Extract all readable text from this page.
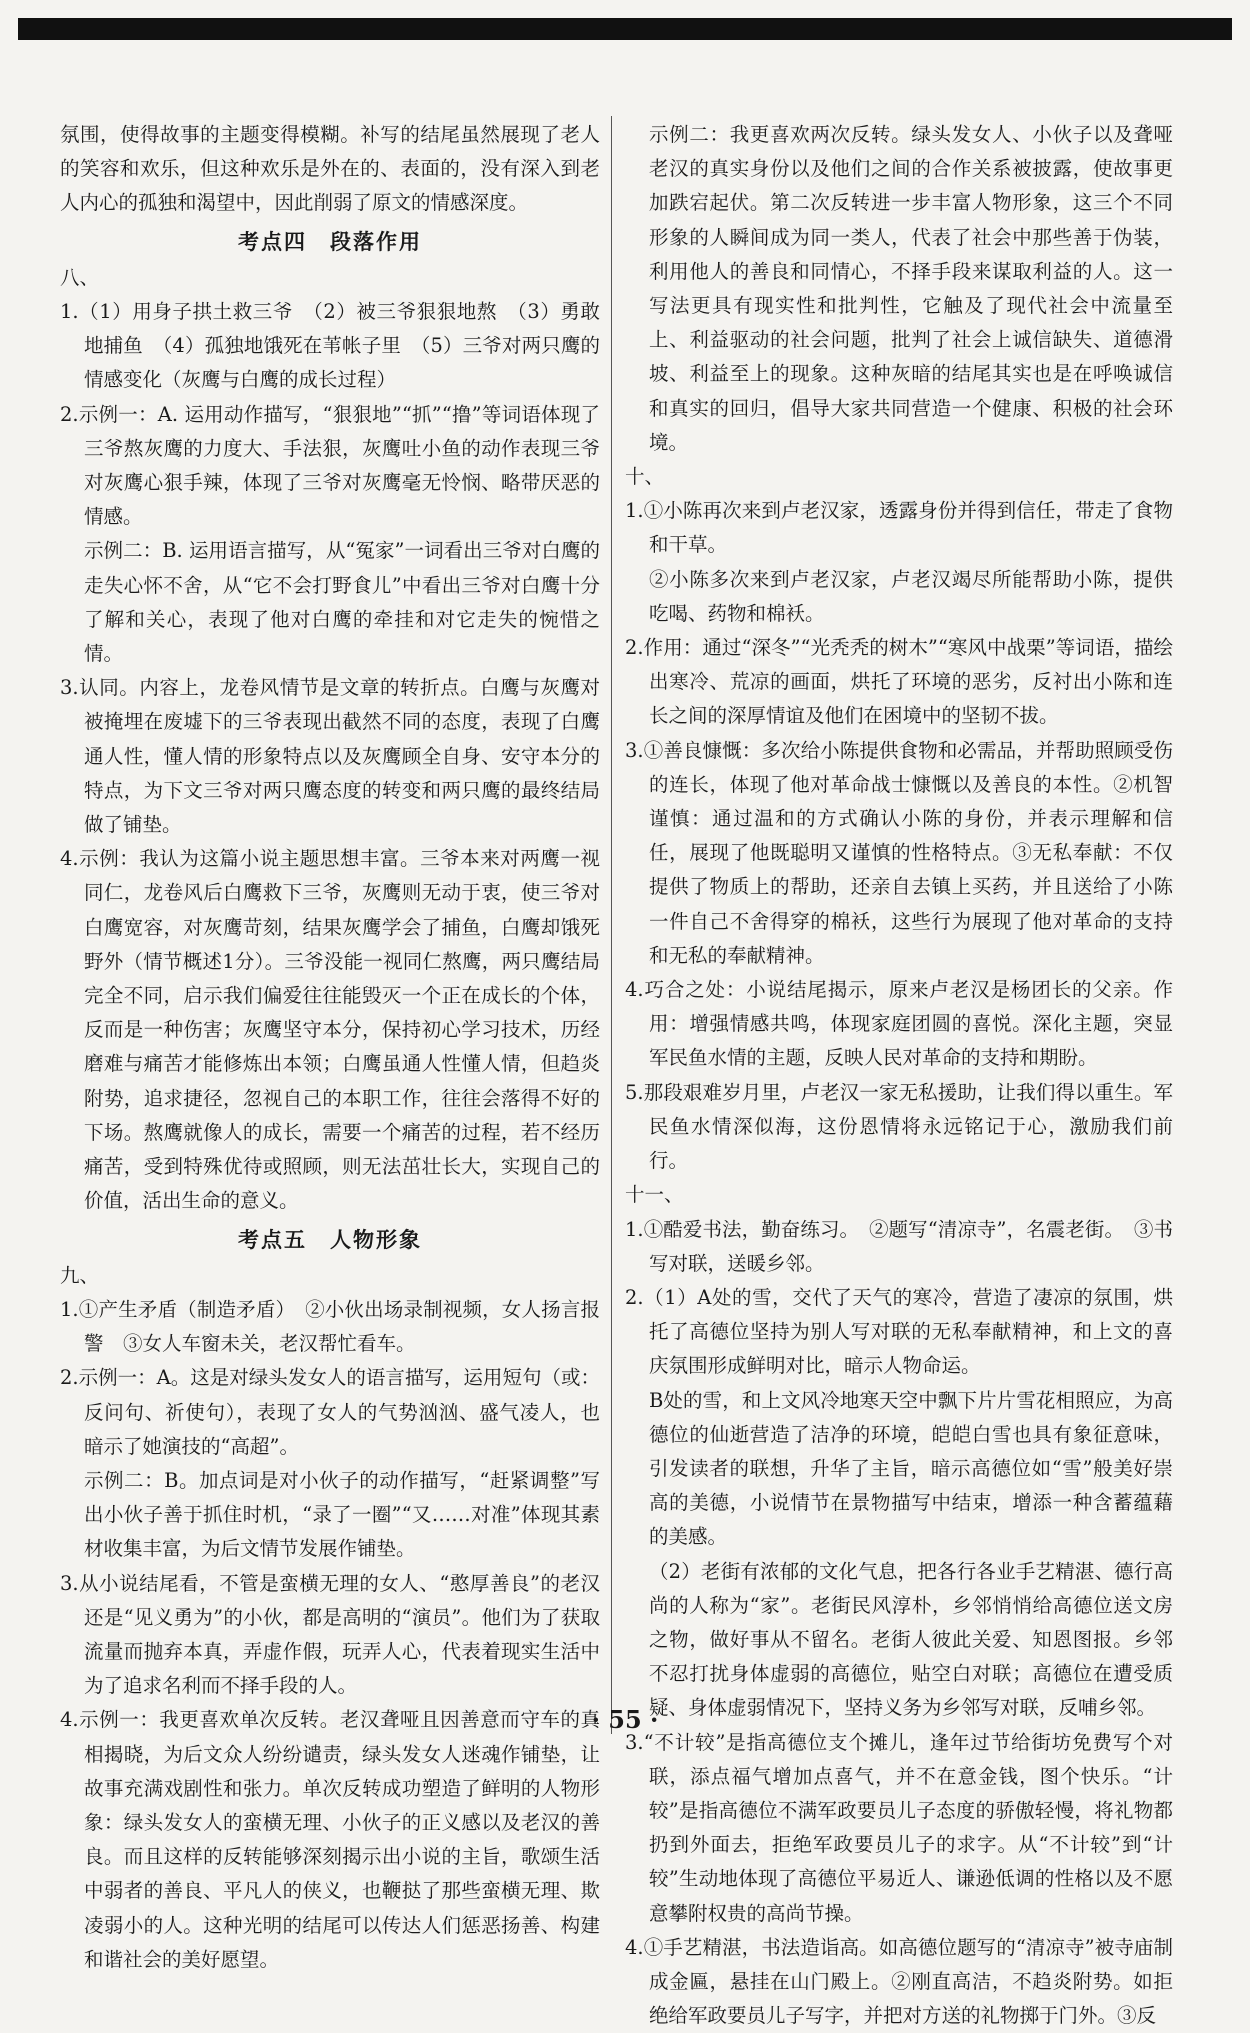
氛围，使得故事的主题变得模糊。补写的结尾虽然展现了老人的笑容和欢乐，但这种欢乐是外在的、表面的，没有深入到老人内心的孤独和渴望中，因此削弱了原文的情感深度。

考点四　段落作用

八、

1.（1）用身子拱土救三爷　（2）被三爷狠狠地熬　（3）勇敢地捕鱼　（4）孤独地饿死在苇帐子里　（5）三爷对两只鹰的情感变化（灰鹰与白鹰的成长过程）

2.示例一：A. 运用动作描写，“狠狠地”“抓”“撸”等词语体现了三爷熬灰鹰的力度大、手法狠，灰鹰吐小鱼的动作表现三爷对灰鹰心狠手辣，体现了三爷对灰鹰毫无怜悯、略带厌恶的情感。

示例二：B. 运用语言描写，从“冤家”一词看出三爷对白鹰的走失心怀不舍，从“它不会打野食儿”中看出三爷对白鹰十分了解和关心，表现了他对白鹰的牵挂和对它走失的惋惜之情。

3.认同。内容上，龙卷风情节是文章的转折点。白鹰与灰鹰对被掩埋在废墟下的三爷表现出截然不同的态度，表现了白鹰通人性，懂人情的形象特点以及灰鹰顾全自身、安守本分的特点，为下文三爷对两只鹰态度的转变和两只鹰的最终结局做了铺垫。

4.示例：我认为这篇小说主题思想丰富。三爷本来对两鹰一视同仁，龙卷风后白鹰救下三爷，灰鹰则无动于衷，使三爷对白鹰宽容，对灰鹰苛刻，结果灰鹰学会了捕鱼，白鹰却饿死野外（情节概述1分）。三爷没能一视同仁熬鹰，两只鹰结局完全不同，启示我们偏爱往往能毁灭一个正在成长的个体，反而是一种伤害；灰鹰坚守本分，保持初心学习技术，历经磨难与痛苦才能修炼出本领；白鹰虽通人性懂人情，但趋炎附势，追求捷径，忽视自己的本职工作，往往会落得不好的下场。熬鹰就像人的成长，需要一个痛苦的过程，若不经历痛苦，受到特殊优待或照顾，则无法茁壮长大，实现自己的价值，活出生命的意义。

考点五　人物形象

九、

1.①产生矛盾（制造矛盾）　②小伙出场录制视频，女人扬言报警　③女人车窗未关，老汉帮忙看车。

2.示例一：A。这是对绿头发女人的语言描写，运用短句（或：反问句、祈使句），表现了女人的气势汹汹、盛气凌人，也暗示了她演技的“高超”。

示例二：B。加点词是对小伙子的动作描写，“赶紧调整”写出小伙子善于抓住时机，“录了一圈”“又……对准”体现其素材收集丰富，为后文情节发展作铺垫。

3.从小说结尾看，不管是蛮横无理的女人、“憨厚善良”的老汉还是“见义勇为”的小伙，都是高明的“演员”。他们为了获取流量而抛弃本真，弄虚作假，玩弄人心，代表着现实生活中为了追求名利而不择手段的人。

4.示例一：我更喜欢单次反转。老汉聋哑且因善意而守车的真相揭晓，为后文众人纷纷谴责，绿头发女人迷魂作铺垫，让故事充满戏剧性和张力。单次反转成功塑造了鲜明的人物形象：绿头发女人的蛮横无理、小伙子的正义感以及老汉的善良。而且这样的反转能够深刻揭示出小说的主旨，歌颂生活中弱者的善良、平凡人的侠义，也鞭挞了那些蛮横无理、欺凌弱小的人。这种光明的结尾可以传达人们惩恶扬善、构建和谐社会的美好愿望。

示例二：我更喜欢两次反转。绿头发女人、小伙子以及聋哑老汉的真实身份以及他们之间的合作关系被披露，使故事更加跌宕起伏。第二次反转进一步丰富人物形象，这三个不同形象的人瞬间成为同一类人，代表了社会中那些善于伪装，利用他人的善良和同情心，不择手段来谋取利益的人。这一写法更具有现实性和批判性，它触及了现代社会中流量至上、利益驱动的社会问题，批判了社会上诚信缺失、道德滑坡、利益至上的现象。这种灰暗的结尾其实也是在呼唤诚信和真实的回归，倡导大家共同营造一个健康、积极的社会环境。

十、

1.①小陈再次来到卢老汉家，透露身份并得到信任，带走了食物和干草。

②小陈多次来到卢老汉家，卢老汉竭尽所能帮助小陈，提供吃喝、药物和棉袄。

2.作用：通过“深冬”“光秃秃的树木”“寒风中战栗”等词语，描绘出寒冷、荒凉的画面，烘托了环境的恶劣，反衬出小陈和连长之间的深厚情谊及他们在困境中的坚韧不拔。

3.①善良慷慨：多次给小陈提供食物和必需品，并帮助照顾受伤的连长，体现了他对革命战士慷慨以及善良的本性。②机智谨慎：通过温和的方式确认小陈的身份，并表示理解和信任，展现了他既聪明又谨慎的性格特点。③无私奉献：不仅提供了物质上的帮助，还亲自去镇上买药，并且送给了小陈一件自己不舍得穿的棉袄，这些行为展现了他对革命的支持和无私的奉献精神。

4.巧合之处：小说结尾揭示，原来卢老汉是杨团长的父亲。作用：增强情感共鸣，体现家庭团圆的喜悦。深化主题，突显军民鱼水情的主题，反映人民对革命的支持和期盼。

5.那段艰难岁月里，卢老汉一家无私援助，让我们得以重生。军民鱼水情深似海，这份恩情将永远铭记于心，激励我们前行。

十一、

1.①酷爱书法，勤奋练习。　②题写“清凉寺”，名震老街。　③书写对联，送暖乡邻。

2.（1）A处的雪，交代了天气的寒冷，营造了凄凉的氛围，烘托了高德位坚持为别人写对联的无私奉献精神，和上文的喜庆氛围形成鲜明对比，暗示人物命运。

B处的雪，和上文风冷地寒天空中飘下片片雪花相照应，为高德位的仙逝营造了洁净的环境，皑皑白雪也具有象征意味，引发读者的联想，升华了主旨，暗示高德位如“雪”般美好崇高的美德，小说情节在景物描写中结束，增添一种含蓄蕴藉的美感。

（2）老街有浓郁的文化气息，把各行各业手艺精湛、德行高尚的人称为“家”。老街民风淳朴，乡邻悄悄给高德位送文房之物，做好事从不留名。老街人彼此关爱、知恩图报。乡邻不忍打扰身体虚弱的高德位，贴空白对联；高德位在遭受质疑、身体虚弱情况下，坚持义务为乡邻写对联，反哺乡邻。

3.“不计较”是指高德位支个摊儿，逢年过节给街坊免费写个对联，添点福气增加点喜气，并不在意金钱，图个快乐。“计较”是指高德位不满军政要员儿子态度的骄傲轻慢，将礼物都扔到外面去，拒绝军政要员儿子的求字。从“不计较”到“计较”生动地体现了高德位平易近人、谦逊低调的性格以及不愿意攀附权贵的高尚节操。

4.①手艺精湛，书法造诣高。如高德位题写的“清凉寺”被寺庙制成金匾，悬挂在山门殿上。②刚直高洁，不趋炎附势。如拒绝给军政要员儿子写字，并把对方送的礼物掷于门外。③反

· 55 ·
